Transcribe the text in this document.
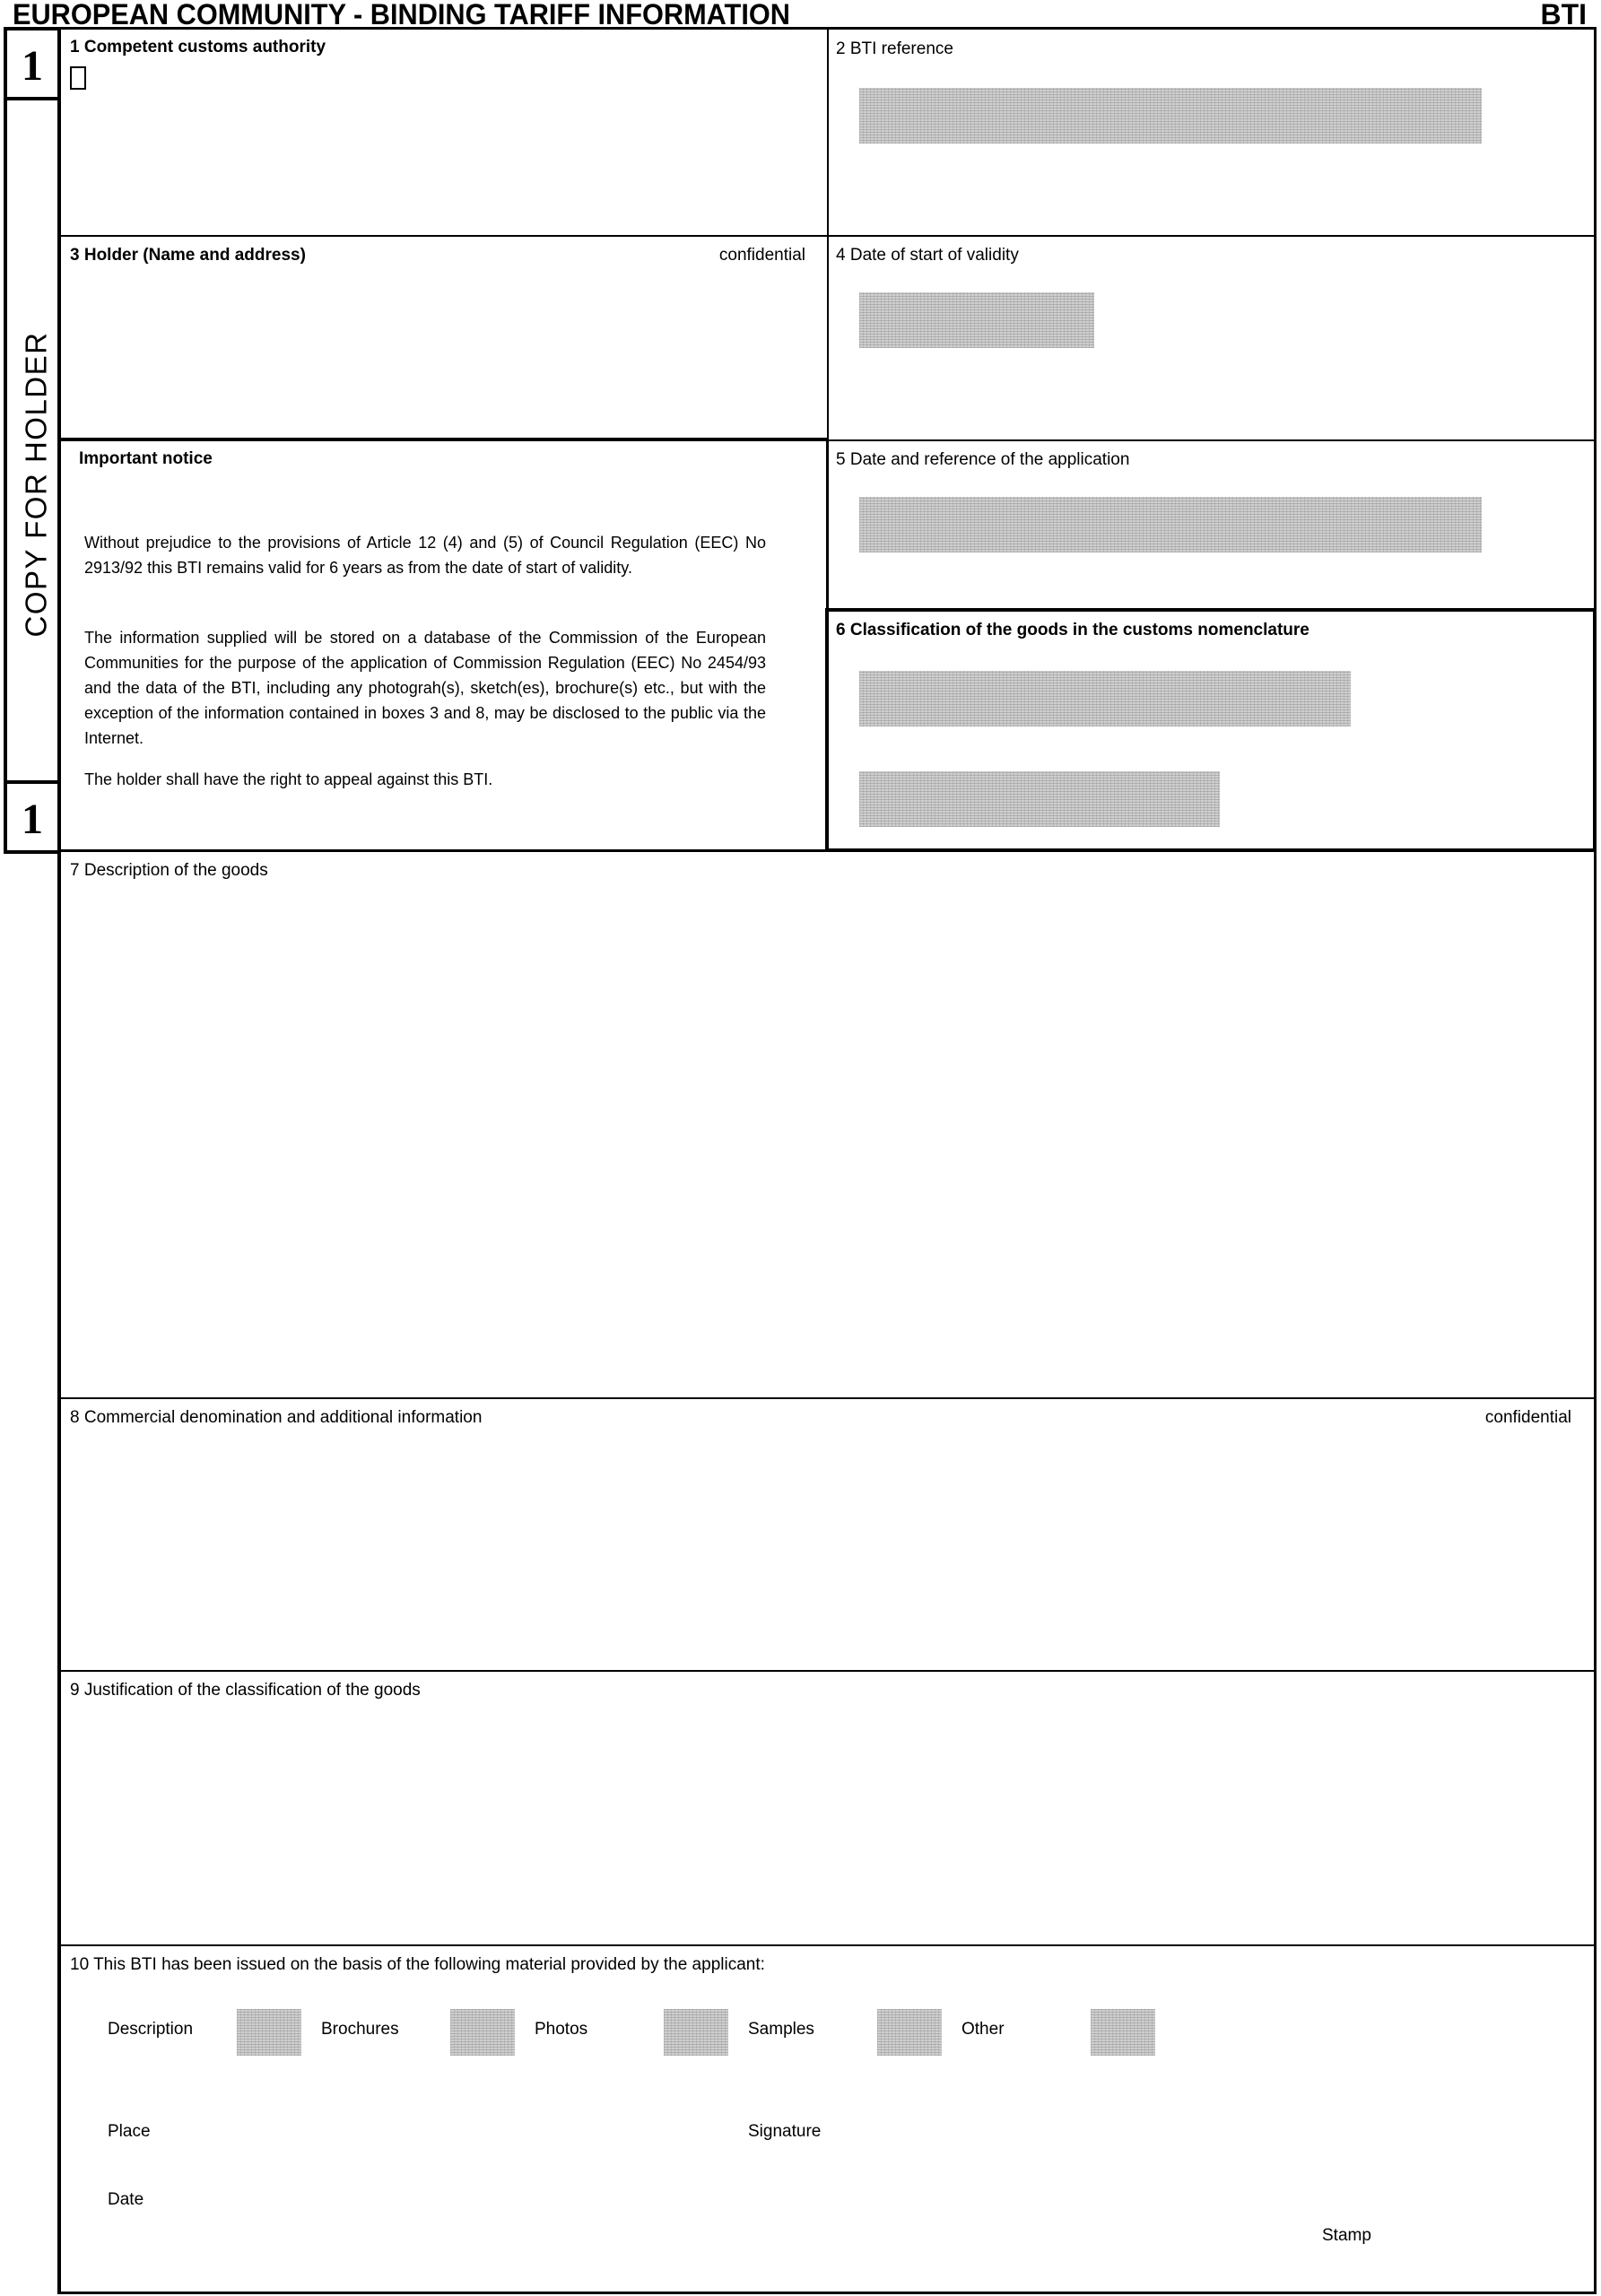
EUROPEAN COMMUNITY - BINDING TARIFF INFORMATION	BTI
1
COPY FOR HOLDER
1
1 Competent customs authority	2 BTI reference
3 Holder (Name and address)	confidential 4 Date of start of validity
Important notice
Without prejudice to the provisions of Article 12 (4) and (5) of Council Regulation (EEC) No 2913/92 this BTI remains valid for 6 years as from the date of start of validity.
The information supplied will be stored on a database of the Commission of the European Communities for the purpose of the application of Commission Regulation (EEC) No 2454/93 and the data of the BTI, including any photograh(s), sketch(es), brochure(s) etc., but with the exception of the information contained in boxes 3 and 8, may be disclosed to the public via the Internet.
The holder shall have the right to appeal against this BTI.
5 Date and reference of the application
6 Classification of the goods in the customs nomenclature
7 Description of the goods
8 Commercial denomination and additional information	confidential
9 Justification of the classification of the goods
10 This BTI has been issued on the basis of the following material provided by the applicant:
Description	Brochures	Photos	Samples	Other
Place	Signature
Date
Stamp
